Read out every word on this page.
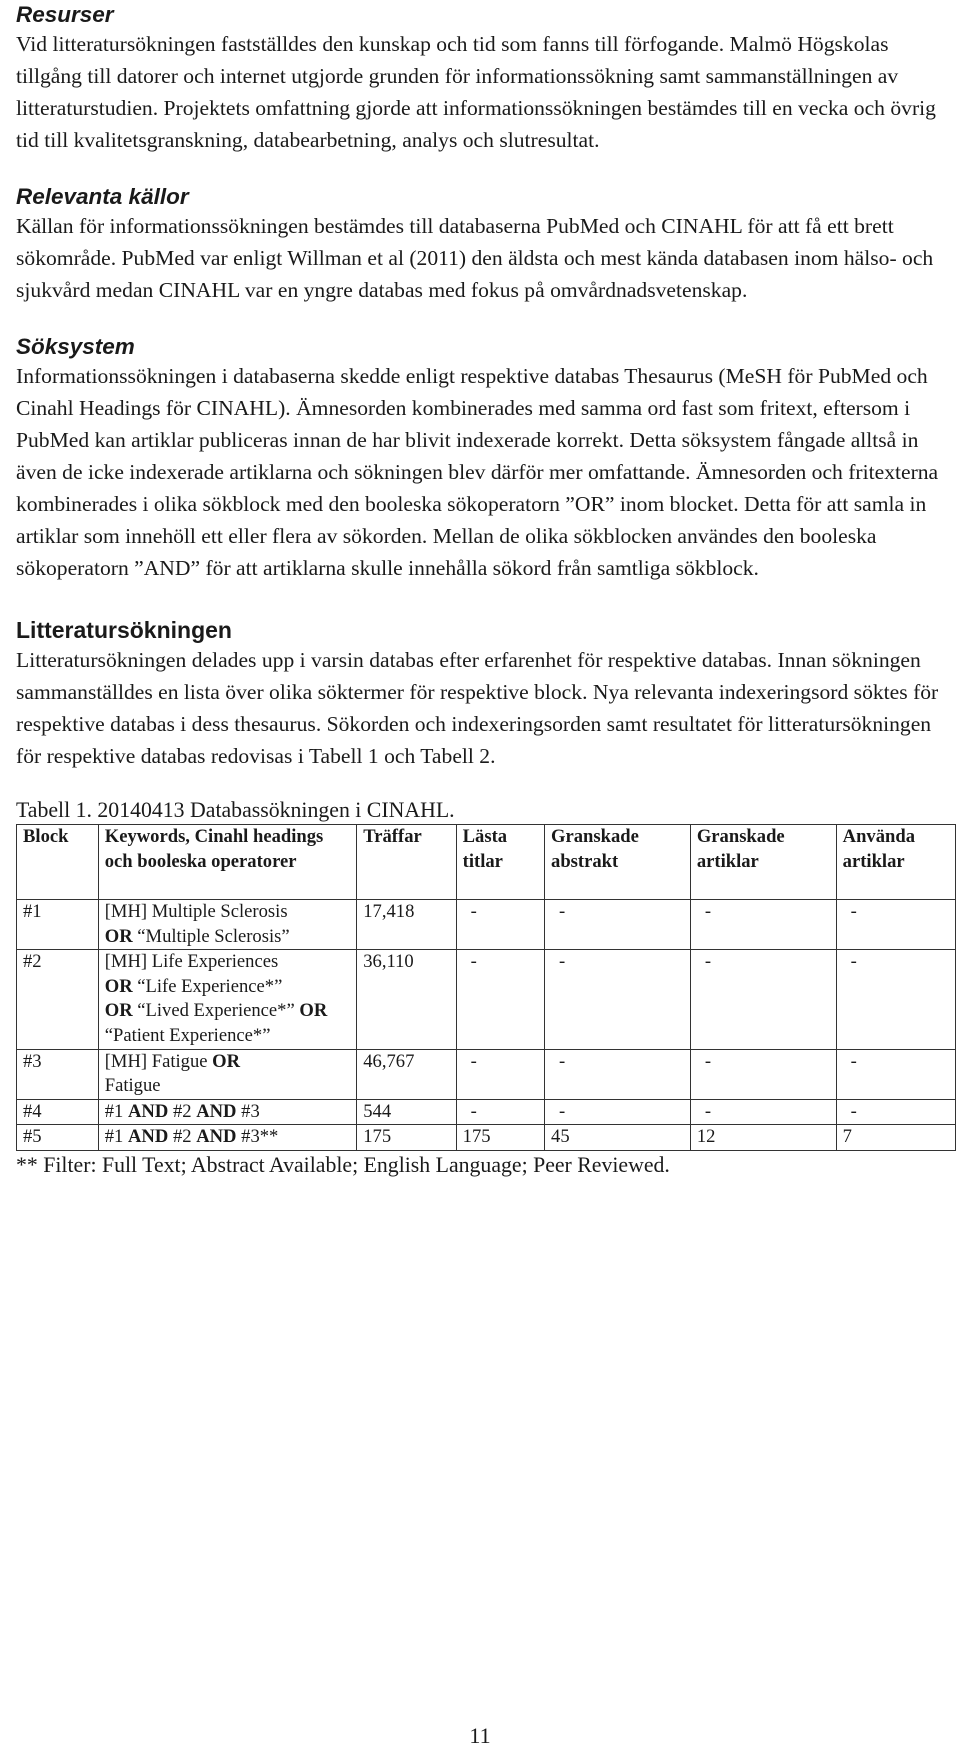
Resurser

Vid litteratursökningen fastställdes den kunskap och tid som fanns till förfogande. Malmö Högskolas tillgång till datorer och internet utgjorde grunden för informationssökning samt sammanställningen av litteraturstudien. Projektets omfattning gjorde att informationssökningen bestämdes till en vecka och övrig tid till kvalitetsgranskning, databearbetning, analys och slutresultat.

Relevanta källor

Källan för informationssökningen bestämdes till databaserna PubMed och CINAHL för att få ett brett sökområde. PubMed var enligt Willman et al (2011) den äldsta och mest kända databasen inom hälso- och sjukvård medan CINAHL var en yngre databas med fokus på omvårdnadsvetenskap.

Söksystem

Informationssökningen i databaserna skedde enligt respektive databas Thesaurus (MeSH för PubMed och Cinahl Headings för CINAHL). Ämnesorden kombinerades med samma ord fast som fritext, eftersom i PubMed kan artiklar publiceras innan de har blivit indexerade korrekt. Detta söksystem fångade alltså in även de icke indexerade artiklarna och sökningen blev därför mer omfattande. Ämnesorden och fritexterna kombinerades i olika sökblock med den booleska sökoperatorn ”OR” inom blocket. Detta för att samla in artiklar som innehöll ett eller flera av sökorden. Mellan de olika sökblocken användes den booleska sökoperatorn ”AND” för att artiklarna skulle innehålla sökord från samtliga sökblock.

Litteratursökningen

Litteratursökningen delades upp i varsin databas efter erfarenhet för respektive databas. Innan sökningen sammanställdes en lista över olika söktermer för respektive block. Nya relevanta indexeringsord söktes för respektive databas i dess thesaurus. Sökorden och indexeringsorden samt resultatet för litteratursökningen för respektive databas redovisas i Tabell 1 och Tabell 2.

Tabell 1. 20140413 Databassökningen i CINAHL.

Block	Keywords, Cinahl headings och booleska operatorer	Träffar	Lästa titlar	Granskade abstrakt	Granskade artiklar	Använda artiklar
#1	[MH] Multiple Sclerosis
OR “Multiple Sclerosis”	17,418	-	-	-	-
#2	[MH] Life Experiences
OR “Life Experience*”
OR “Lived Experience*” OR
“Patient Experience*”	36,110	-	-	-	-
#3	[MH] Fatigue OR
Fatigue	46,767	-	-	-	-
#4	#1 AND #2 AND #3	544	-	-	-	-
#5	#1 AND #2 AND #3**	175	175	45	12	7

** Filter: Full Text; Abstract Available; English Language; Peer Reviewed.

11
